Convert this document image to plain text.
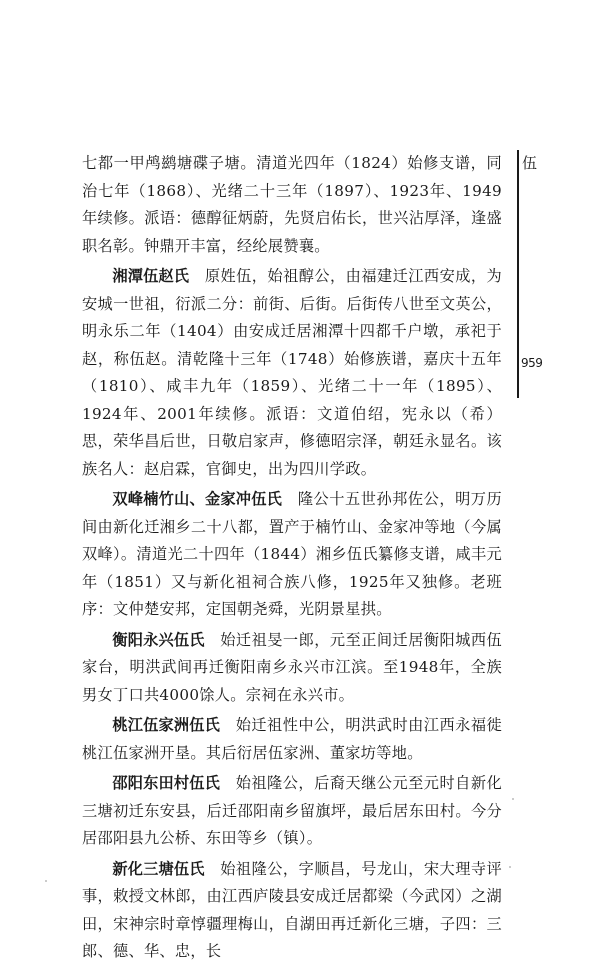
七都一甲鸬鹚塘碟子塘。清道光四年（1824）始修支谱，同治七年（1868）、光绪二十三年（1897）、1923年、1949年续修。派语：德醇征炳蔚，先贤启佑长，世兴沾厚泽，逢盛职名彰。钟鼎开丰富，经纶展赞襄。

湘潭伍赵氏  原姓伍，始祖醇公，由福建迁江西安成，为安城一世祖，衍派二分：前街、后街。后街传八世至文英公，明永乐二年（1404）由安成迁居湘潭十四都千户墩，承祀于赵，称伍赵。清乾隆十三年（1748）始修族谱，嘉庆十五年（1810）、咸丰九年（1859）、光绪二十一年（1895）、1924年、2001年续修。派语：文道伯绍，宪永以（希）思，荣华昌后世，日敬启家声，修德昭宗泽，朝廷永显名。该族名人：赵启霖，官御史，出为四川学政。

双峰楠竹山、金家冲伍氏  隆公十五世孙邦佐公，明万历间由新化迁湘乡二十八都，置产于楠竹山、金家冲等地（今属双峰）。清道光二十四年（1844）湘乡伍氏纂修支谱，咸丰元年（1851）又与新化祖祠合族八修，1925年又独修。老班序：文仲楚安邦，定国朝尧舜，光阴景星拱。

衡阳永兴伍氏  始迁祖旻一郎，元至正间迁居衡阳城西伍家台，明洪武间再迁衡阳南乡永兴市江滨。至1948年，全族男女丁口共4000馀人。宗祠在永兴市。

桃江伍家洲伍氏  始迁祖性中公，明洪武时由江西永福徙桃江伍家洲开垦。其后衍居伍家洲、董家坊等地。

邵阳东田村伍氏  始祖隆公，后裔天继公元至元时自新化三塘初迁东安县，后迁邵阳南乡留旗坪，最后居东田村。今分居邵阳县九公桥、东田等乡（镇）。

新化三塘伍氏  始祖隆公，字顺昌，号龙山，宋大理寺评事，敕授文林郎，由江西庐陵县安成迁居都梁（今武冈）之湖田，宋神宗时章惇疆理梅山，自湖田再迁新化三塘，子四：三郎、德、华、忠，长

伍
959
